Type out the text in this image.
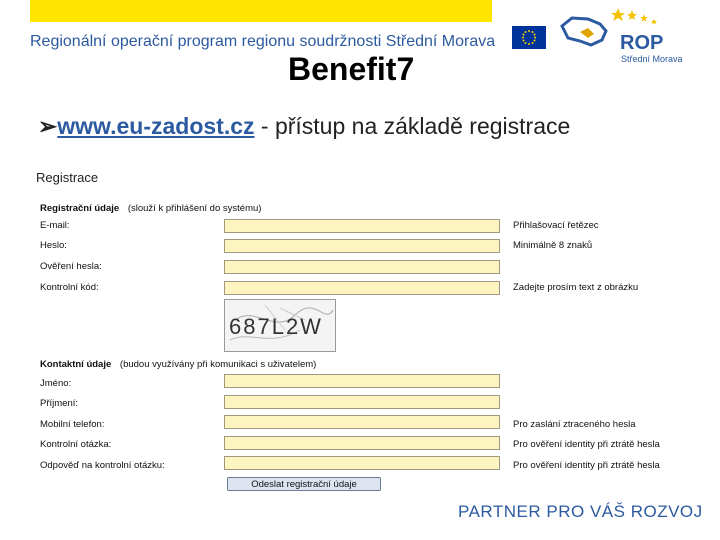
Regionální operační program regionu soudržnosti Střední Morava	ROP
Střední Morava
Benefit7
➢www.eu-zadost.cz - přístup na základě registrace
Registrace
Registrační údaje (slouží k přihlášení do systému)
E-mail:	Přihlašovací řetězec
Heslo:	Minimálně 8 znaků
Ověření hesla:
Kontrolní kód:	Zadejte prosím text z obrázku
687L2W
Kontaktní údaje (budou využívány při komunikaci s uživatelem)
Jméno:
Příjmení:
Mobilní telefon:	Pro zaslání ztraceného hesla
Kontrolní otázka:	Pro ověření identity při ztrátě hesla
Odpověď na kontrolní otázku:	Pro ověření identity při ztrátě hesla
Odeslat registrační údaje
PARTNER PRO VÁŠ ROZVOJ
